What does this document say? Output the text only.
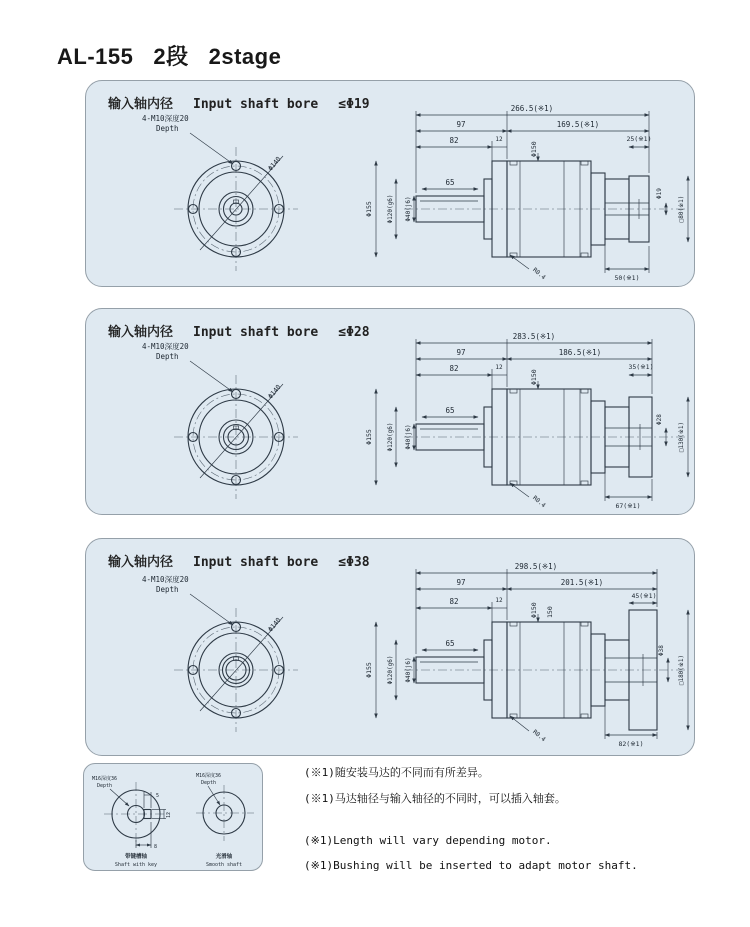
AL-155 2段 2stage
输入轴内径 Input shaft bore ≤Φ19
Φ140
4-M10深度20
Depth
266.5(※1)
97	169.5(※1)
82	12
Φ150
65
Φ155 Φ120(g6) Φ40(j6)
25(※1)
Φ19
□80(※1)
50(※1)
R0.4
输入轴内径 Input shaft bore ≤Φ28
Φ140
4-M10深度20
Depth
283.5(※1)
97	186.5(※1)
82	12
Φ150
65
Φ155 Φ120(g6) Φ40(j6)
35(※1)
Φ28
□130(※1)
67(※1)
R0.4
输入轴内径 Input shaft bore ≤Φ38
Φ140
4-M10深度20
Depth
298.5(※1)
97	201.5(※1)
82	12
Φ150 150
65
Φ155 Φ120(g6) Φ40(j6)
45(※1)
Φ38
□180(※1)
82(※1)
R0.4
M16深度36
Depth
5
12
8
带键槽轴
Shaft with key
M16深度36
Depth
光滑轴
Smooth shaft

(※1)随安装马达的不同而有所差异。

(※1)马达轴径与输入轴径的不同时，可以插入轴套。

(※1)Length will vary depending motor.

(※1)Bushing will be inserted to adapt motor shaft.
